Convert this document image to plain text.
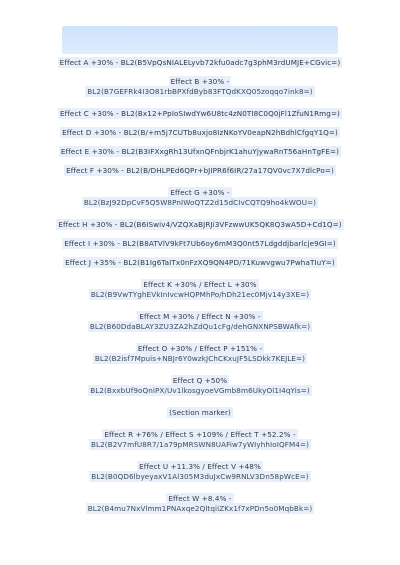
Effect A +30% - BL2(B5VpQsNIALELyvb72kfu0adc7g3phM3rdUMJE+CGvic=)
Effect B +30% -
BL2(B7GEFRk4I3O81rbBPXfdByb83FTQdKXQ05zoqqo7ink8=)
Effect C +30% - BL2(Bx12+PpIoSIwdYw6U8tc4zN0TI8C0Q0jFl1ZfuN1Rmg=)
Effect D +30% - BL2(B/+m5j7CUTb8uxjo8IzNKoYV0eapN2hBdhlCfgqY1Q=)
Effect E +30% - BL2(B3IFXxgRh13UfxnQFnbjrK1ahuYjywaRnT56aHnTgFE=)
Effect F +30% - BL2(B/DHLPEd6QPr+bJIPR6f6IR/27a17QV0vc7X7dlcPo=)
Effect G +30% -
BL2(BzJ92DpCvF5Q5W8PnIWoQTZ2d15dCIvCQTQ9ho4kWOU=)
Effect H +30% - BL2(B6ISwiv4/VZQXaBJRJi3VFzwwUK5QK8Q3wA5D+Cd1Q=)
Effect I +30% - BL2(B8ATVlV9kFt7Ub6oy6mM3Q0nt57Ldgddjbarlcje9GI=)
Effect J +35% - BL2(B1Ig6TaITx0nFzXQ9QN4PD/71Kuwvgwu7PwhaTIuY=)
Effect K +30% / Effect L +30%
BL2(B9VwTYghEVkInIvcwHQPMhPo/hDh21ec0Mjv14y3XE=)
Effect M +30% / Effect N +30% -
BL2(B60DdaBLAY3ZU3ZA2hZdQu1cFg/dehGNXNPSBWAfk=)
Effect O +30% / Effect P +151% -
BL2(B2isf7Mpuis+NBJr6Y0wzkJChCKxuJF5LSDkk7KEJLE=)
Effect Q +50%
BL2(BxxbUf9oQniPX/Uv1lkosgyoeVGmb8m6UkyOl1I4qYis=)
(Section marker)
Effect R +76% / Effect S +109% / Effect T +52.2% -
BL2(B2V7mfU8R7/1a79pMRSWN8UAFiw7yWIyhhIoIQFM4=)
Effect U +11.3% / Effect V +48%
BL2(B0QD6lbyeyaxV1Al305M3duJxCw9RNLV3Dn58pWcE=)
Effect W +8.4% -
BL2(B4mu7NxVlmm1PNAxqe2QltqiiZKx1f7xPDn5o0MqbBk=)
